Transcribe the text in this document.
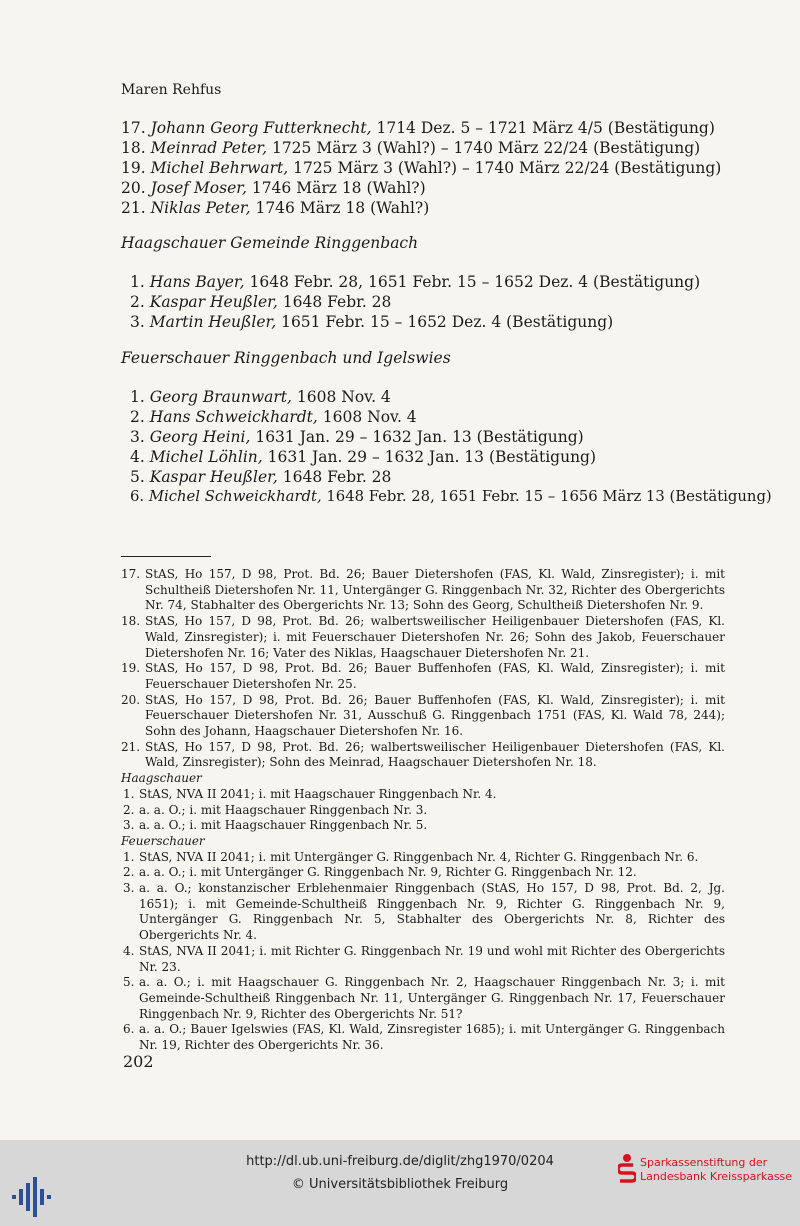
Maren Rehfus
17. Johann Georg Futterknecht, 1714 Dez. 5 – 1721 März 4/5 (Bestätigung)
18. Meinrad Peter, 1725 März 3 (Wahl?) – 1740 März 22/24 (Bestätigung)
19. Michel Behrwart, 1725 März 3 (Wahl?) – 1740 März 22/24 (Bestätigung)
20. Josef Moser, 1746 März 18 (Wahl?)
21. Niklas Peter, 1746 März 18 (Wahl?)
Haagschauer Gemeinde Ringgenbach
1. Hans Bayer, 1648 Febr. 28, 1651 Febr. 15 – 1652 Dez. 4 (Bestätigung)
2. Kaspar Heußler, 1648 Febr. 28
3. Martin Heußler, 1651 Febr. 15 – 1652 Dez. 4 (Bestätigung)
Feuerschauer Ringgenbach und Igelswies
1. Georg Braunwart, 1608 Nov. 4
2. Hans Schweickhardt, 1608 Nov. 4
3. Georg Heini, 1631 Jan. 29 – 1632 Jan. 13 (Bestätigung)
4. Michel Löhlin, 1631 Jan. 29 – 1632 Jan. 13 (Bestätigung)
5. Kaspar Heußler, 1648 Febr. 28
6. Michel Schweickhardt, 1648 Febr. 28, 1651 Febr. 15 – 1656 März 13 (Bestätigung)
17. StAS, Ho 157, D 98, Prot. Bd. 26; Bauer Dietershofen (FAS, Kl. Wald, Zinsregister); i. mit Schultheiß Dietershofen Nr. 11, Untergänger G. Ringgenbach Nr. 32, Richter des Obergerichts Nr. 74, Stabhalter des Obergerichts Nr. 13; Sohn des Georg, Schultheiß Dietershofen Nr. 9.
18. StAS, Ho 157, D 98, Prot. Bd. 26; walbertsweilischer Heiligenbauer Dietershofen (FAS, Kl. Wald, Zinsregister); i. mit Feuerschauer Dietershofen Nr. 26; Sohn des Jakob, Feuerschauer Dietershofen Nr. 16; Vater des Niklas, Haagschauer Dietershofen Nr. 21.
19. StAS, Ho 157, D 98, Prot. Bd. 26; Bauer Buffenhofen (FAS, Kl. Wald, Zinsregister); i. mit Feuerschauer Dietershofen Nr. 25.
20. StAS, Ho 157, D 98, Prot. Bd. 26; Bauer Buffenhofen (FAS, Kl. Wald, Zinsregister); i. mit Feuerschauer Dietershofen Nr. 31, Ausschuß G. Ringgenbach 1751 (FAS, Kl. Wald 78, 244); Sohn des Johann, Haagschauer Dietershofen Nr. 16.
21. StAS, Ho 157, D 98, Prot. Bd. 26; walbertsweilischer Heiligenbauer Dietershofen (FAS, Kl. Wald, Zinsregister); Sohn des Meinrad, Haagschauer Dietershofen Nr. 18.
Haagschauer
1. StAS, NVA II 2041; i. mit Haagschauer Ringgenbach Nr. 4.
2. a. a. O.; i. mit Haagschauer Ringgenbach Nr. 3.
3. a. a. O.; i. mit Haagschauer Ringgenbach Nr. 5.
Feuerschauer
1. StAS, NVA II 2041; i. mit Untergänger G. Ringgenbach Nr. 4, Richter G. Ringgenbach Nr. 6.
2. a. a. O.; i. mit Untergänger G. Ringgenbach Nr. 9, Richter G. Ringgenbach Nr. 12.
3. a. a. O.; konstanzischer Erblehenmaier Ringgenbach (StAS, Ho 157, D 98, Prot. Bd. 2, Jg. 1651); i. mit Gemeinde-Schultheiß Ringgenbach Nr. 9, Richter G. Ringgenbach Nr. 9, Untergänger G. Ringgenbach Nr. 5, Stabhalter des Obergerichts Nr. 8, Richter des Obergerichts Nr. 4.
4. StAS, NVA II 2041; i. mit Richter G. Ringgenbach Nr. 19 und wohl mit Richter des Obergerichts Nr. 23.
5. a. a. O.; i. mit Haagschauer G. Ringgenbach Nr. 2, Haagschauer Ringgenbach Nr. 3; i. mit Gemeinde-Schultheiß Ringgenbach Nr. 11, Untergänger G. Ringgenbach Nr. 17, Feuerschauer Ringgenbach Nr. 9, Richter des Obergerichts Nr. 51?
6. a. a. O.; Bauer Igelswies (FAS, Kl. Wald, Zinsregister 1685); i. mit Untergänger G. Ringgenbach Nr. 19, Richter des Obergerichts Nr. 36.
202
http://dl.ub.uni-freiburg.de/diglit/zhg1970/0204
© Universitätsbibliothek Freiburg
Sparkassenstiftung der
Landesbank Kreissparkasse
